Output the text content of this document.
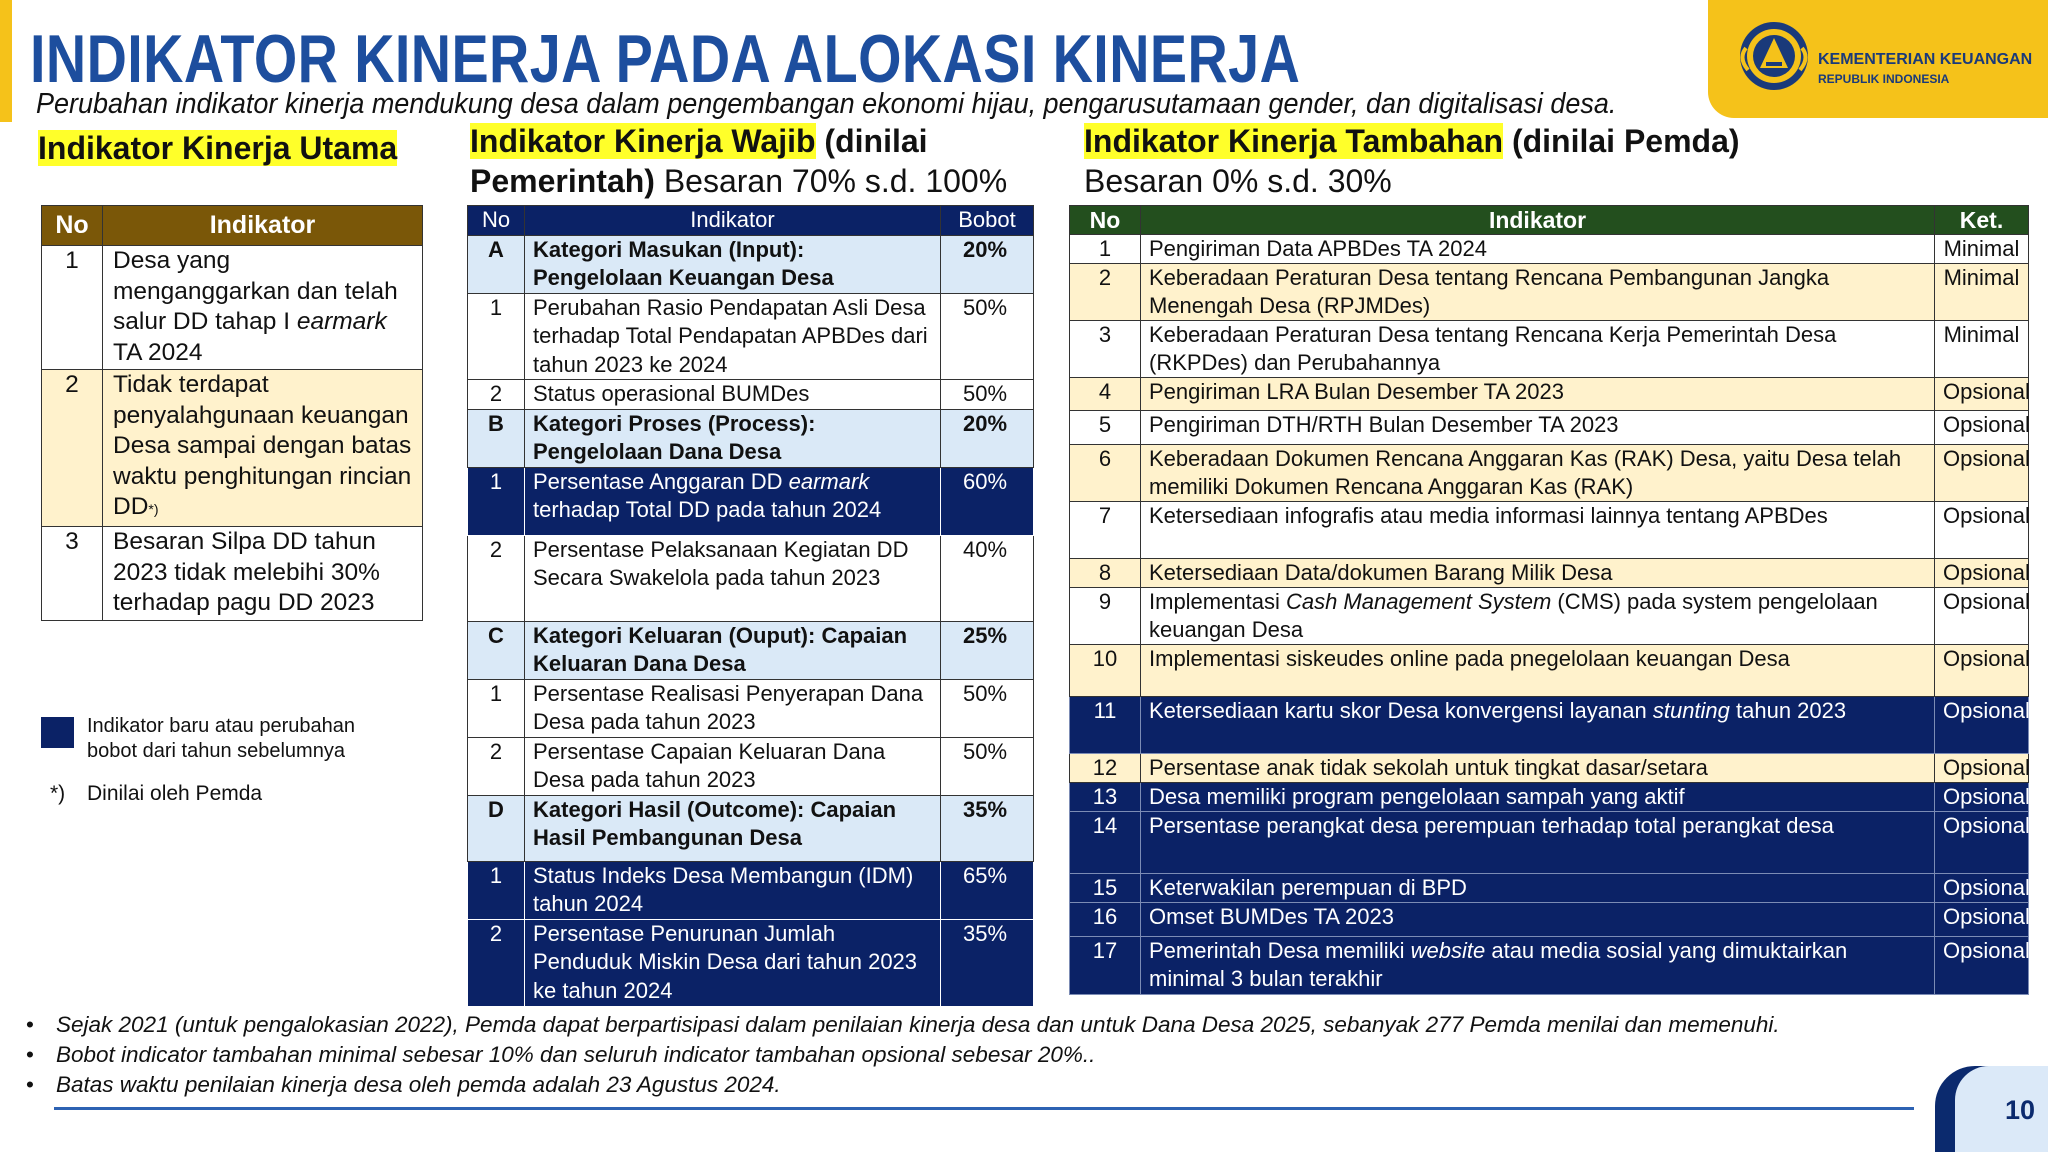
INDIKATOR KINERJA PADA ALOKASI KINERJA
Perubahan indikator kinerja mendukung desa dalam pengembangan ekonomi hijau, pengarusutamaan gender, dan digitalisasi desa.
KEMENTERIAN KEUANGAN
REPUBLIK INDONESIA
Indikator Kinerja Utama Indikator Kinerja Wajib (dinilai
Pemerintah) Besaran 70% s.d. 100%
Indikator Kinerja Tambahan (dinilai Pemda)
Besaran 0% s.d. 30%
No	Indikator
1	Desa yang menganggarkan dan telah salur DD tahap I earmark TA 2024
2	Tidak terdapat penyalahgunaan keuangan Desa sampai dengan batas waktu penghitungan rincian DD*)
3	Besaran Silpa DD tahun 2023 tidak melebihi 30% terhadap pagu DD 2023
No	Indikator	Bobot
A	Kategori Masukan (Input): Pengelolaan Keuangan Desa	20%
1	Perubahan Rasio Pendapatan Asli Desa terhadap Total Pendapatan APBDes dari tahun 2023 ke 2024	50%
2	Status operasional BUMDes	50%
B	Kategori Proses (Process): Pengelolaan Dana Desa	20%
1	Persentase Anggaran DD earmark terhadap Total DD pada tahun 2024	60%
2	Persentase Pelaksanaan Kegiatan DD Secara Swakelola pada tahun 2023	40%
C	Kategori Keluaran (Ouput): Capaian Keluaran Dana Desa	25%
1	Persentase Realisasi Penyerapan Dana Desa pada tahun 2023	50%
2	Persentase Capaian Keluaran Dana Desa pada tahun 2023	50%
D	Kategori Hasil (Outcome): Capaian Hasil Pembangunan Desa	35%
1	Status Indeks Desa Membangun (IDM) tahun 2024	65%
2	Persentase Penurunan Jumlah Penduduk Miskin Desa dari tahun 2023 ke tahun 2024	35%
No	Indikator	Ket.
1	Pengiriman Data APBDes TA 2024	Minimal
2	Keberadaan Peraturan Desa tentang Rencana Pembangunan Jangka Menengah Desa (RPJMDes)	Minimal
3	Keberadaan Peraturan Desa tentang Rencana Kerja Pemerintah Desa (RKPDes) dan Perubahannya	Minimal
4	Pengiriman LRA Bulan Desember TA 2023	Opsional
5	Pengiriman DTH/RTH Bulan Desember TA 2023	Opsional
6	Keberadaan Dokumen Rencana Anggaran Kas (RAK) Desa, yaitu Desa telah memiliki Dokumen Rencana Anggaran Kas (RAK)	Opsional
7	Ketersediaan infografis atau media informasi lainnya tentang APBDes	Opsional
8	Ketersediaan Data/dokumen Barang Milik Desa	Opsional
9	Implementasi Cash Management System (CMS) pada system pengelolaan keuangan Desa	Opsional
10	Implementasi siskeudes online pada pnegelolaan keuangan Desa	Opsional
11	Ketersediaan kartu skor Desa konvergensi layanan stunting tahun 2023	Opsional
12	Persentase anak tidak sekolah untuk tingkat dasar/setara	Opsional
13	Desa memiliki program pengelolaan sampah yang aktif	Opsional
14	Persentase perangkat desa perempuan terhadap total perangkat desa	Opsional
15	Keterwakilan perempuan di BPD	Opsional
16	Omset BUMDes TA 2023	Opsional
17	Pemerintah Desa memiliki website atau media sosial yang dimuktairkan minimal 3 bulan terakhir	Opsional
Indikator baru atau perubahan bobot dari tahun sebelumnya
*) Dinilai oleh Pemda
• Sejak 2021 (untuk pengalokasian 2022), Pemda dapat berpartisipasi dalam penilaian kinerja desa dan untuk Dana Desa 2025, sebanyak 277 Pemda menilai dan memenuhi.
• Bobot indicator tambahan minimal sebesar 10% dan seluruh indicator tambahan opsional sebesar 20%..
• Batas waktu penilaian kinerja desa oleh pemda adalah 23 Agustus 2024.
10
